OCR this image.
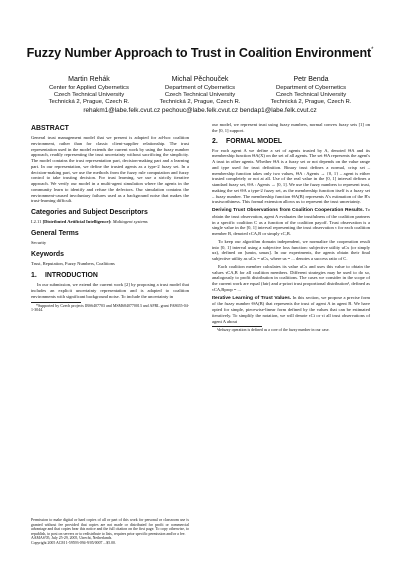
Fuzzy Number Approach to Trust in Coalition Environment*
Martin Rehák
Center for Applied Cybernetics
Czech Technical University
Technická 2, Prague, Czech R.
Michal Pěchouček
Department of Cybernetics
Czech Technical University
Technická 2, Prague, Czech R.
Petr Benda
Department of Cybernetics
Czech Technical University
Technická 2, Prague, Czech R.
rehakm1@labe.felk.cvut.cz pechouc@labe.felk.cvut.cz bendap1@labe.felk.cvut.cz
ABSTRACT

General trust management model that we present is adapted for ad-hoc coalition environment, rather than for classic client-supplier relationship. The trust representation used in the model extends the current work by using the fuzzy number approach, readily representing the trust uncertainty without sacrificing the simplicity. The model contains the trust representation part, decision-making part and a learning part. In our representation, we define the trusted agents as a type-2 fuzzy set. In a decision-making part, we use the methods from the fuzzy rule computation and fuzzy control to take trusting decision. For trust learning, we use a strictly iterative approach. We verify our model in a multi-agent simulation where the agents in the community learn to identify and refuse the defectors. Our simulation contains the environment-caused involuntary failures used as a background noise that makes the trust-learning difficult.

Categories and Subject Descriptors

I.2.11 [Distributed Artificial Intelligence]: Multiagent systems

General Terms

Security

Keywords

Trust, Reputation, Fuzzy Numbers, Coalitions

1. INTRODUCTION

In our submission, we extend the current work [2] by proposing a trust model that includes an explicit uncertainty representation and is adapted to coalition environments with significant background noise. To include the uncertainty in

*Supported by Czech projects IBS6407703 and MSM6840770013 and AFRL grant FA8655-04-1-3044.

Permission to make digital or hard copies of all or part of this work for personal or classroom use is granted without fee provided that copies are not made or distributed for profit or commercial advantage and that copies bear this notice and the full citation on the first page. To copy otherwise, to republish, to post on servers or to redistribute to lists, requires prior specific permission and/or a fee.

AAMAS'05, July 25-29, 2005, Utrecht, Netherlands.

Copyright 2005 ACM 1-59593-094-9/05/0007 ...$5.00.

our model, we represent trust using fuzzy numbers, normal convex fuzzy sets [1] on the [0, 1] support.

2. FORMAL MODEL

For each agent A we define a set of agents trusted by A, denoted ΘA and its membership function ΘA(X) on the set of all agents. The set ΘA represents the agent's A trust in other agents. Whether ΘA is a fuzzy set or not depends on the value range and type used for trust definition. Binary trust defines a normal, crisp set – membership function takes only two values, ΘA : Agents → {0, 1} – agent is either trusted completely or not at all. Use of the real value in the [0, 1] interval defines a standard fuzzy set, ΘA : Agents → [0, 1]. We use the fuzzy numbers to represent trust, making the set ΘA a type-2 fuzzy set, as the membership function itself is a fuzzy set – fuzzy number. The membership function ΘA(B) represents A's estimation of the B's trustworthiness. This formal extension allows us to represent the trust uncertainty.

Deriving Trust Observations from Coalition Cooperation Results. To obtain the trust observation, agent A evaluates the trustfulness of the coalition partners in a specific coalition C as a function of the coalition payoff. Trust observation is a single value in the [0, 1] interval representing the trust observation τ for each coalition member B, denoted τCA,B or simply τC,B.

To keep our algorithm domain independent, we normalize the cooperation result into [0, 1] interval using a subjective loss function: subjective utility uCx (or simply ux), defined on [umin, umax]. In our experiments, the agents obtain their final subjective utility as uCx = uCs, where us = ... denotes a success ratio of C.

Each coalition member calculates its value uCx and uses this value to obtain the values τCA,B for all coalition members. Different strategies may be used to do so, analogously to profit distribution in coalitions. The cases we consider in the scope of the current work are equal (fair) and a-priori trust proportional distribution¹, defined as τCA,Bprop = ...

Iterative Learning of Trust Values. In this section, we propose a precise form of the fuzzy number ΘA(B) that represents the trust of agent A in agent B. We have opted for simple, piecewise-linear form defined by the values that can be estimated iteratively. To simplify the notation, we will denote τCi or τi all trust observations of agent A about

¹defuzzy operation is defined as a core of the fuzzy number in our case.
